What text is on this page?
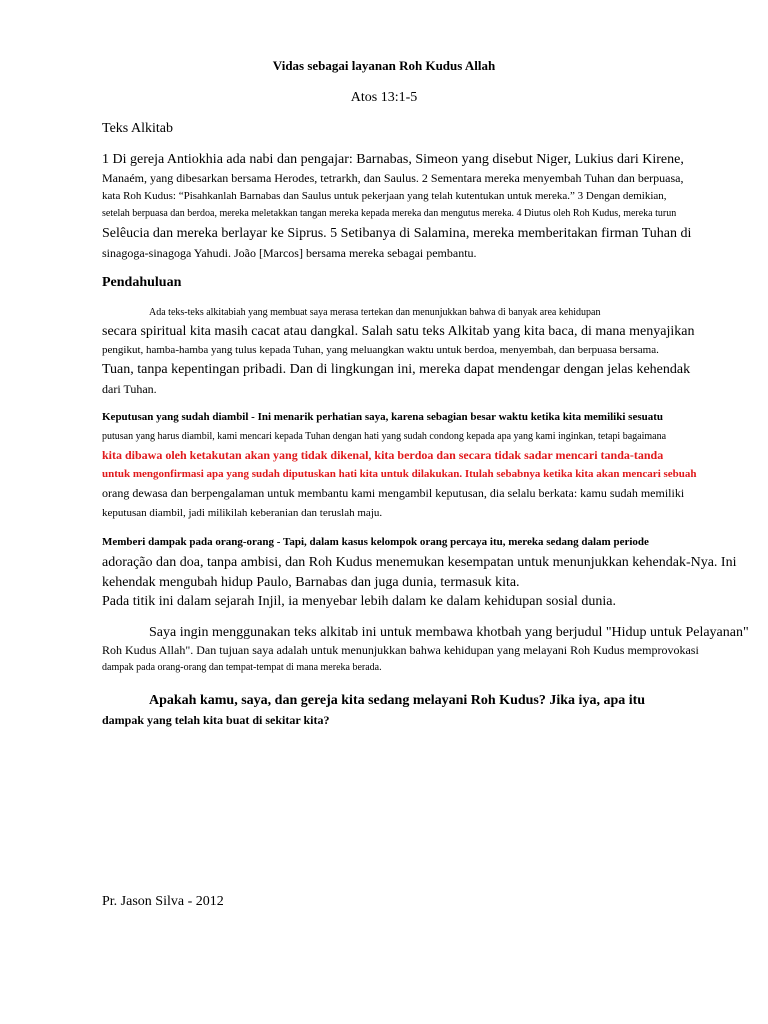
Vidas sebagai layanan Roh Kudus Allah
Atos 13:1-5
Teks Alkitab
1 Di gereja Antiokhia ada nabi dan pengajar: Barnabas, Simeon yang disebut Niger, Lukius dari Kirene,
Manaém, yang dibesarkan bersama Herodes, tetrarkh, dan Saulus. 2 Sementara mereka menyembah Tuhan dan berpuasa,
kata Roh Kudus: “Pisahkanlah Barnabas dan Saulus untuk pekerjaan yang telah kutentukan untuk mereka.” 3 Dengan demikian,
setelah berpuasa dan berdoa, mereka meletakkan tangan mereka kepada mereka dan mengutus mereka. 4 Diutus oleh Roh Kudus, mereka turun
Selêucia dan mereka berlayar ke Siprus. 5 Setibanya di Salamina, mereka memberitakan firman Tuhan di
sinagoga-sinagoga Yahudi. João [Marcos] bersama mereka sebagai pembantu.
Pendahuluan
Ada teks-teks alkitabiah yang membuat saya merasa tertekan dan menunjukkan bahwa di banyak area kehidupan
secara spiritual kita masih cacat atau dangkal. Salah satu teks Alkitab yang kita baca, di mana menyajikan
pengikut, hamba-hamba yang tulus kepada Tuhan, yang meluangkan waktu untuk berdoa, menyembah, dan berpuasa bersama.
Tuan, tanpa kepentingan pribadi. Dan di lingkungan ini, mereka dapat mendengar dengan jelas kehendak
dari Tuhan.
Keputusan yang sudah diambil - Ini menarik perhatian saya, karena sebagian besar waktu ketika kita memiliki sesuatu
putusan yang harus diambil, kami mencari kepada Tuhan dengan hati yang sudah condong kepada apa yang kami inginkan, tetapi bagaimana
kita dibawa oleh ketakutan akan yang tidak dikenal, kita berdoa dan secara tidak sadar mencari tanda-tanda
untuk mengonfirmasi apa yang sudah diputuskan hati kita untuk dilakukan. Itulah sebabnya ketika kita akan mencari sebuah
orang dewasa dan berpengalaman untuk membantu kami mengambil keputusan, dia selalu berkata: kamu sudah memiliki
keputusan diambil, jadi milikilah keberanian dan teruslah maju.
Memberi dampak pada orang-orang - Tapi, dalam kasus kelompok orang percaya itu, mereka sedang dalam periode
adoração dan doa, tanpa ambisi, dan Roh Kudus menemukan kesempatan untuk menunjukkan kehendak-Nya. Ini
kehendak mengubah hidup Paulo, Barnabas dan juga dunia, termasuk kita.
Pada titik ini dalam sejarah Injil, ia menyebar lebih dalam ke dalam kehidupan sosial dunia.
Saya ingin menggunakan teks alkitab ini untuk membawa khotbah yang berjudul "Hidup untuk Pelayanan"
Roh Kudus Allah". Dan tujuan saya adalah untuk menunjukkan bahwa kehidupan yang melayani Roh Kudus memprovokasi
dampak pada orang-orang dan tempat-tempat di mana mereka berada.
Apakah kamu, saya, dan gereja kita sedang melayani Roh Kudus? Jika iya, apa itu
dampak yang telah kita buat di sekitar kita?
Pr. Jason Silva - 2012
